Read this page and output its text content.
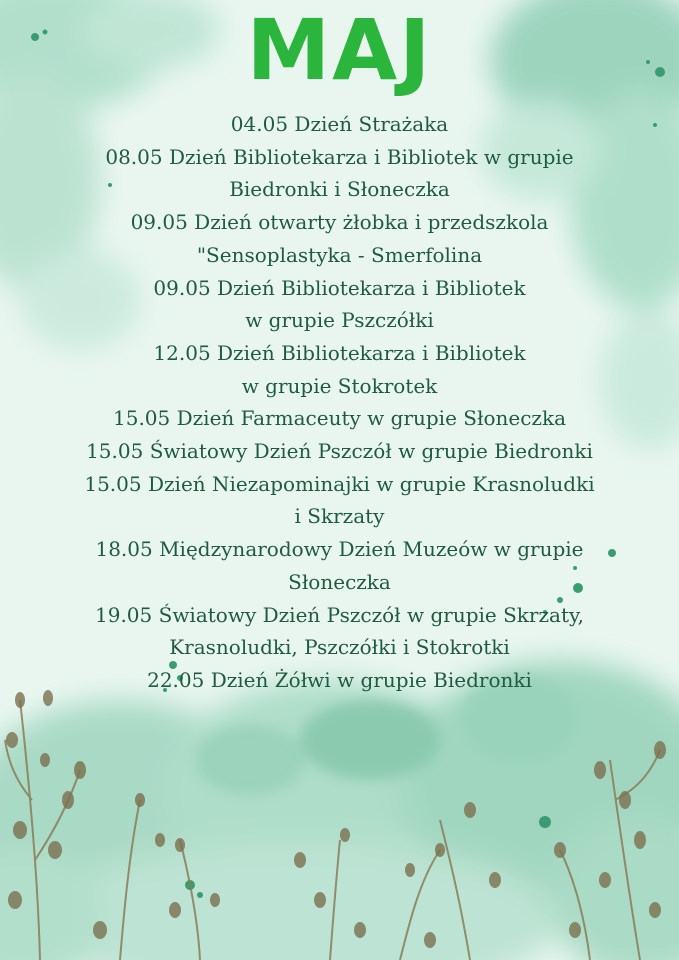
MAJ
04.05 Dzień Strażaka
08.05 Dzień Bibliotekarza i Bibliotek w grupie
Biedronki i Słoneczka
09.05 Dzień otwarty żłobka i przedszkola
"Sensoplastyka - Smerfolina
09.05 Dzień Bibliotekarza i Bibliotek
w grupie Pszczółki
12.05 Dzień Bibliotekarza i Bibliotek
w grupie Stokrotek
15.05 Dzień Farmaceuty w grupie Słoneczka
15.05 Światowy Dzień Pszczół w grupie Biedronki
15.05 Dzień Niezapominajki w grupie Krasnoludki
i Skrzaty
18.05 Międzynarodowy Dzień Muzeów w grupie
Słoneczka
19.05 Światowy Dzień Pszczół w grupie Skrzaty,
Krasnoludki, Pszczółki i Stokrotki
22.05 Dzień Żółwi w grupie Biedronki
